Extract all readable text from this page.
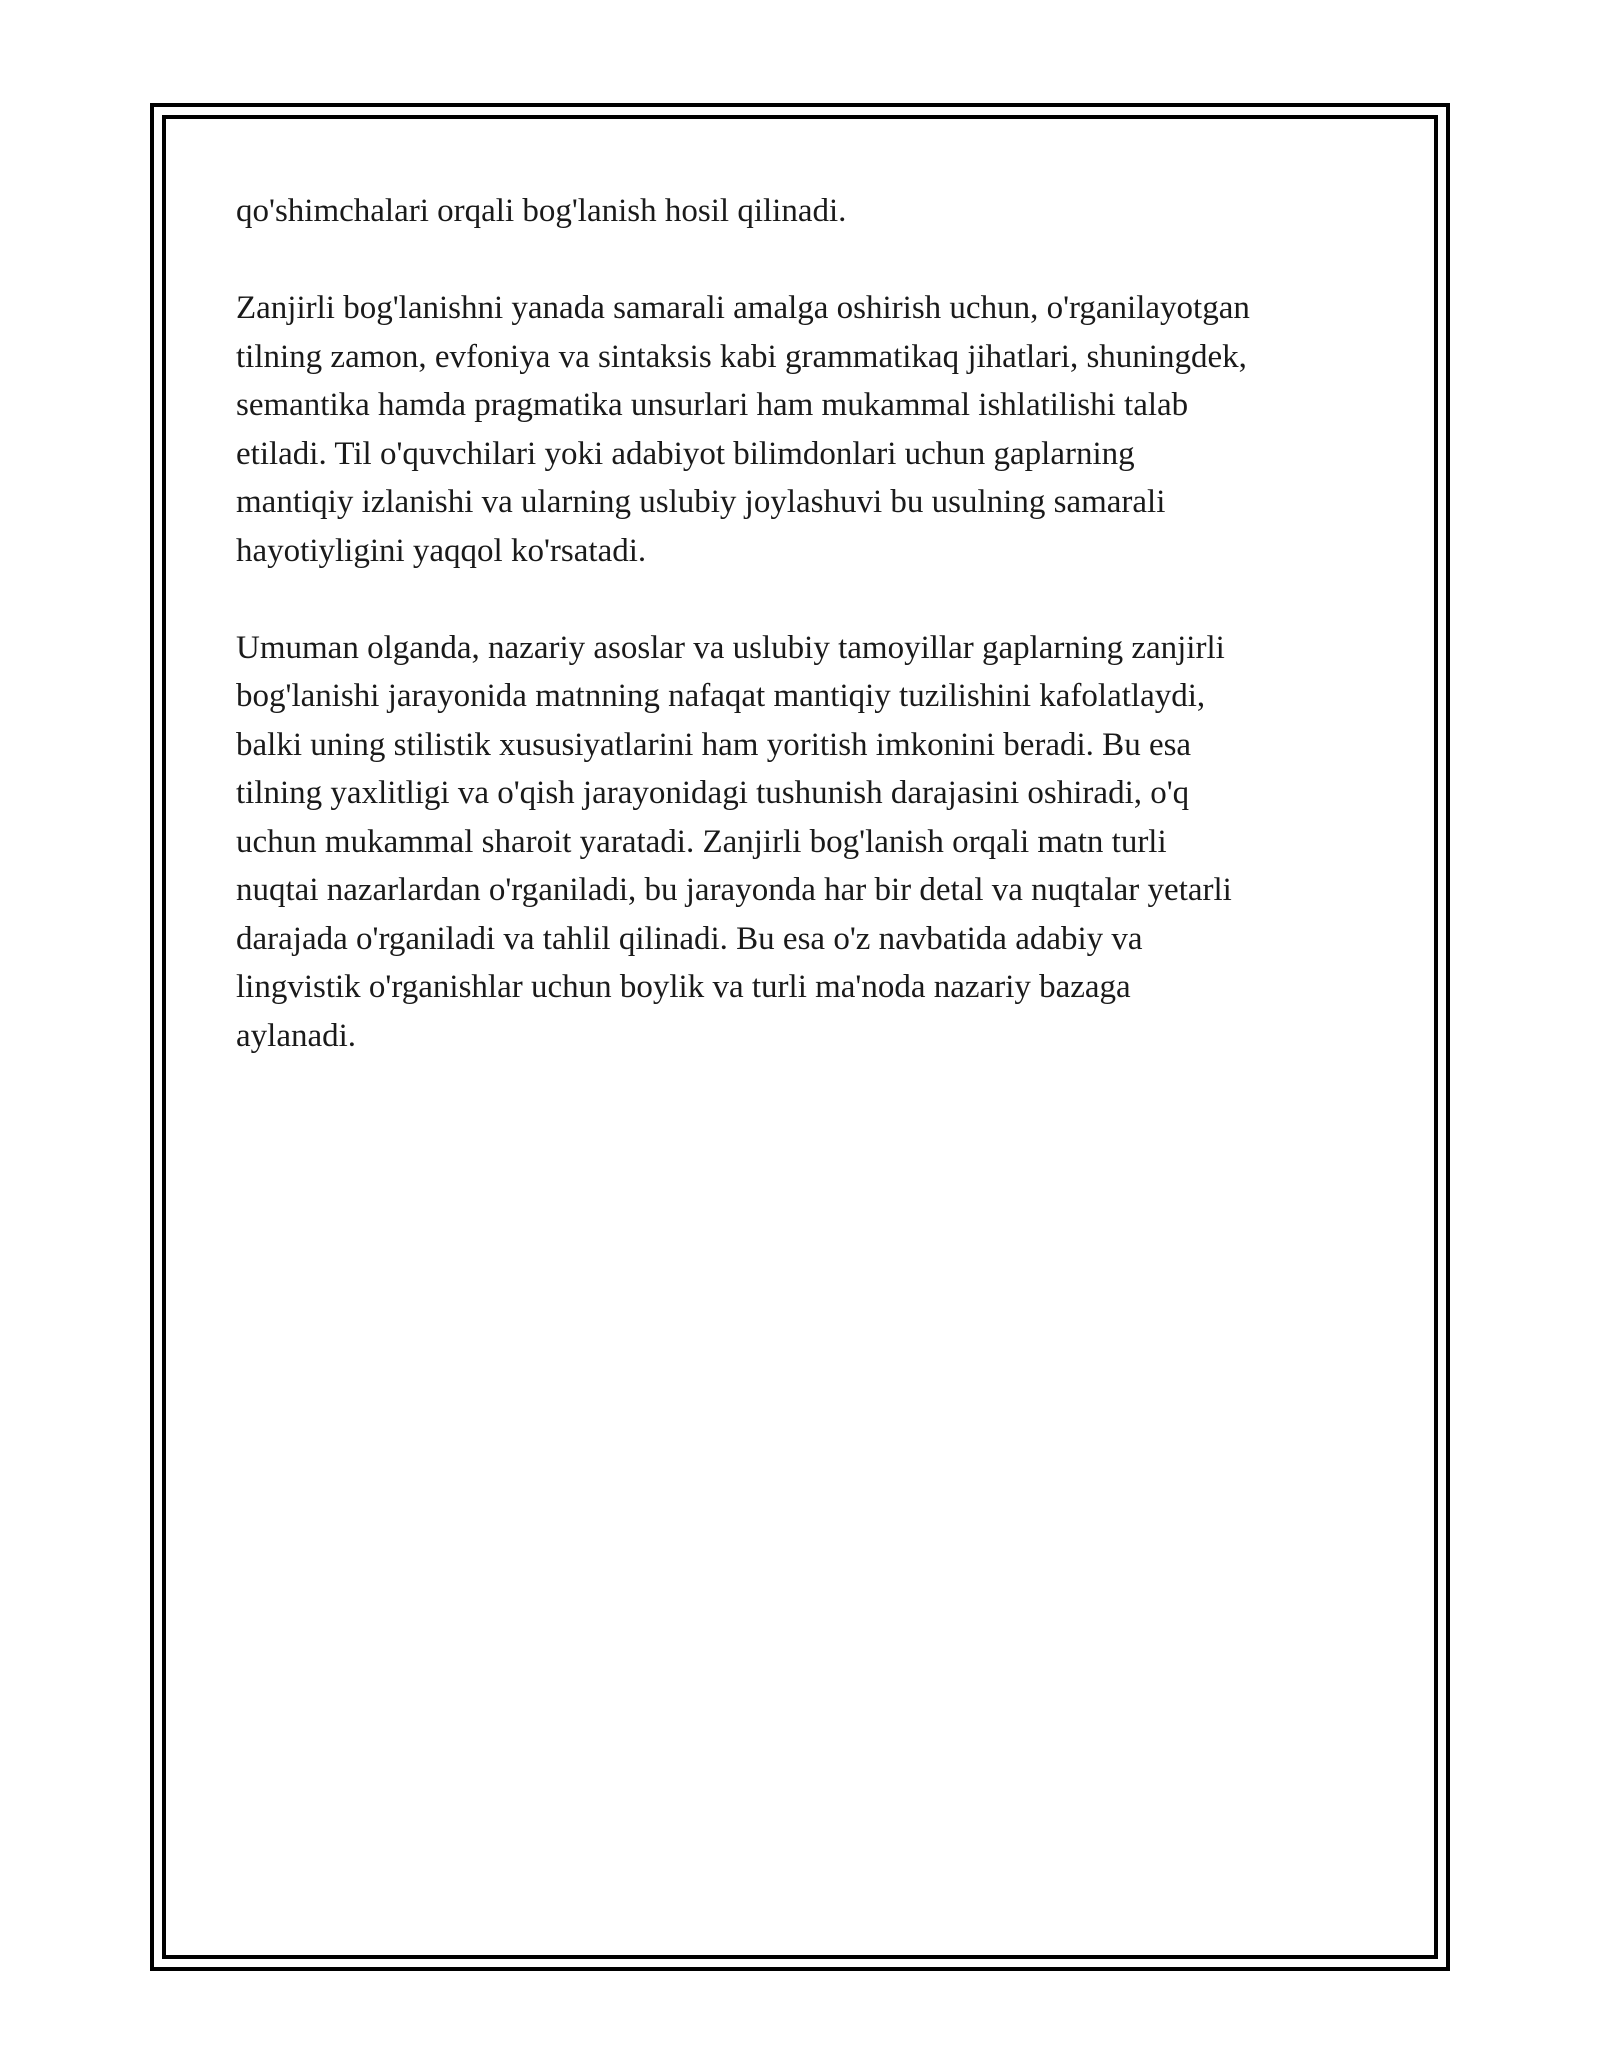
qo'shimchalari orqali bog'lanish hosil qilinadi.

Zanjirli bog'lanishni yanada samarali amalga oshirish uchun, o'rganilayotgan
tilning zamon, evfoniya va sintaksis kabi grammatikaq jihatlari, shuningdek,
semantika hamda pragmatika unsurlari ham mukammal ishlatilishi talab
etiladi. Til o'quvchilari yoki adabiyot bilimdonlari uchun gaplarning
mantiqiy izlanishi va ularning uslubiy joylashuvi bu usulning samarali
hayotiyligini yaqqol ko'rsatadi.

Umuman olganda, nazariy asoslar va uslubiy tamoyillar gaplarning zanjirli
bog'lanishi jarayonida matnning nafaqat mantiqiy tuzilishini kafolatlaydi,
balki uning stilistik xususiyatlarini ham yoritish imkonini beradi. Bu esa
tilning yaxlitligi va o'qish jarayonidagi tushunish darajasini oshiradi, o'q
uchun mukammal sharoit yaratadi. Zanjirli bog'lanish orqali matn turli
nuqtai nazarlardan o'rganiladi, bu jarayonda har bir detal va nuqtalar yetarli
darajada o'rganiladi va tahlil qilinadi. Bu esa o'z navbatida adabiy va
lingvistik o'rganishlar uchun boylik va turli ma'noda nazariy bazaga
aylanadi.
